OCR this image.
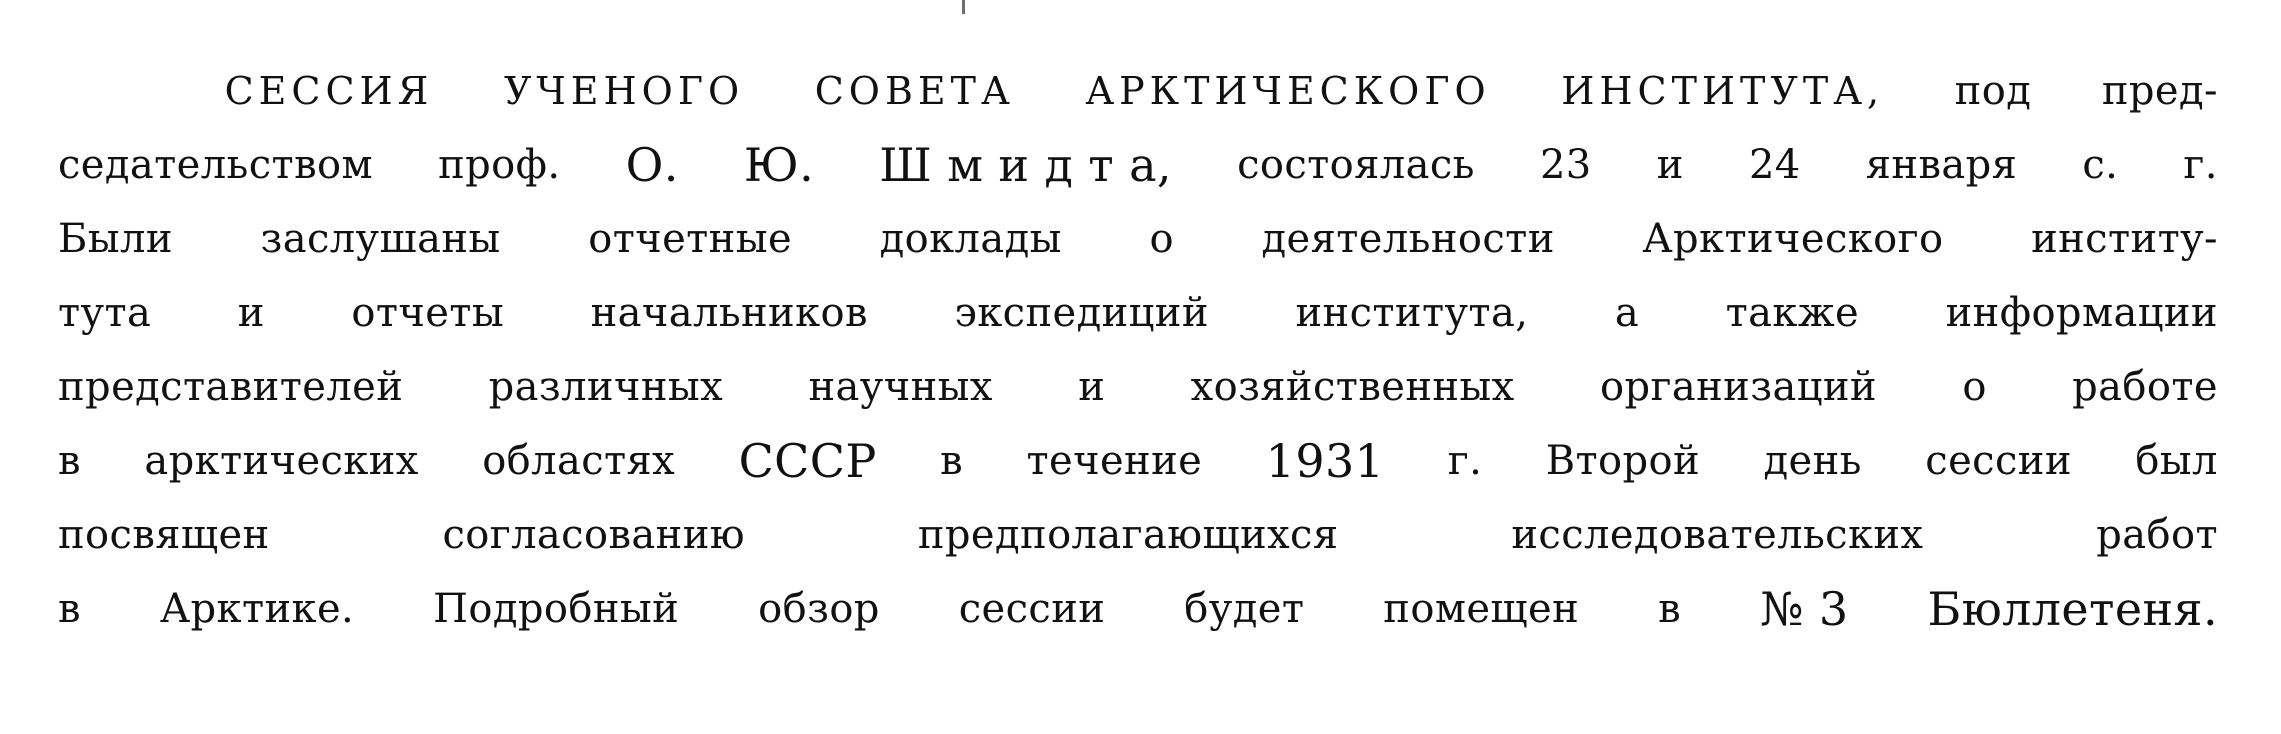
СЕССИЯ УЧЕНОГО СОВЕТА АРКТИЧЕСКОГО ИНСТИТУТА, под пред-
седательством проф. О. Ю. Ш м и д т а, состоялась 23 и 24 января с. г.
Были заслушаны отчетные доклады о деятельности Арктического институ-
тута и отчеты начальников экспедиций института, а также информации
представителей различных научных и хозяйственных организаций о работе
в арктических областях СССР в течение 1931 г. Второй день сессии был
посвящен	согласованию	предполагающихся	исследовательских	работ
в Арктике. Подробный обзор сессии будет помещен в № 3 Бюллетеня.
